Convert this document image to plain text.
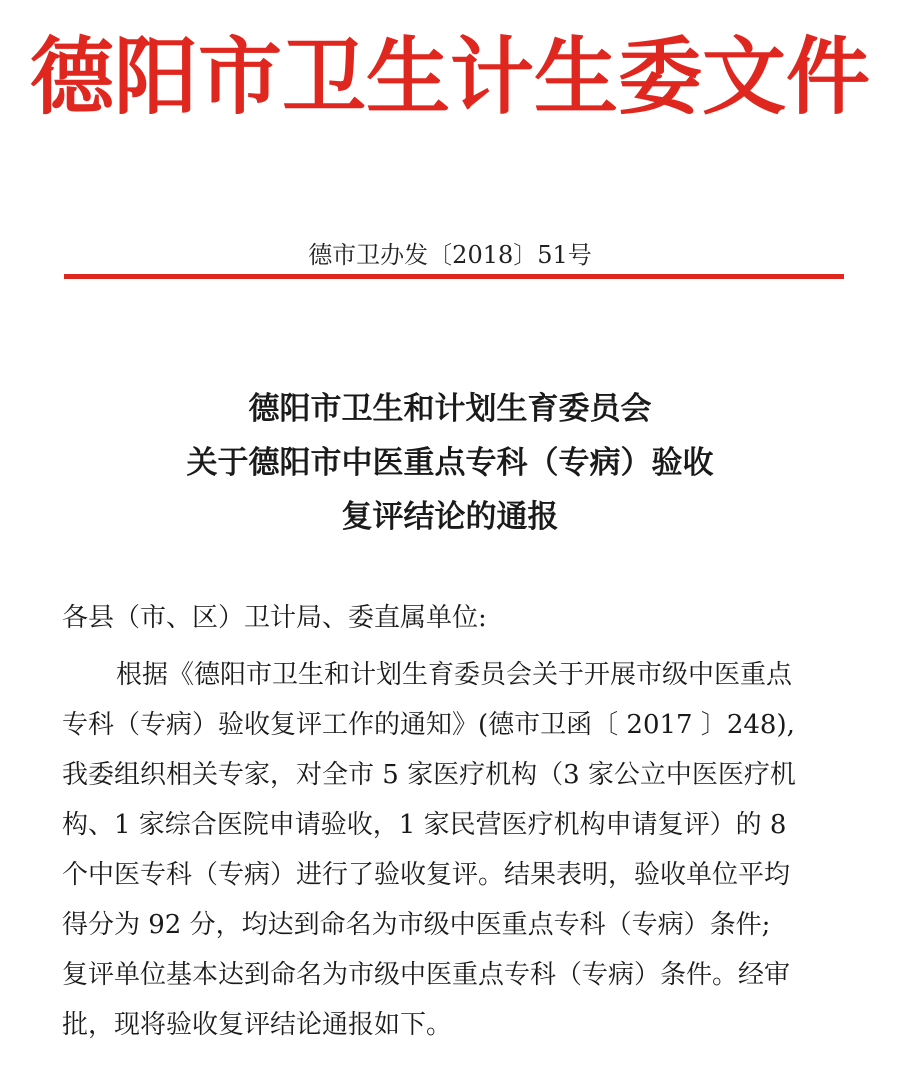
德阳市卫生计生委文件
德市卫办发〔2018〕51号
德阳市卫生和计划生育委员会
关于德阳市中医重点专科（专病）验收
复评结论的通报
各县（市、区）卫计局、委直属单位:
根据《德阳市卫生和计划生育委员会关于开展市级中医重点
专科（专病）验收复评工作的通知》(德市卫函〔 2017 〕248),
我委组织相关专家，对全市 5 家医疗机构（3 家公立中医医疗机
构、1 家综合医院申请验收，1 家民营医疗机构申请复评）的 8
个中医专科（专病）进行了验收复评。结果表明，验收单位平均
得分为 92 分，均达到命名为市级中医重点专科（专病）条件;
复评单位基本达到命名为市级中医重点专科（专病）条件。经审
批，现将验收复评结论通报如下。
